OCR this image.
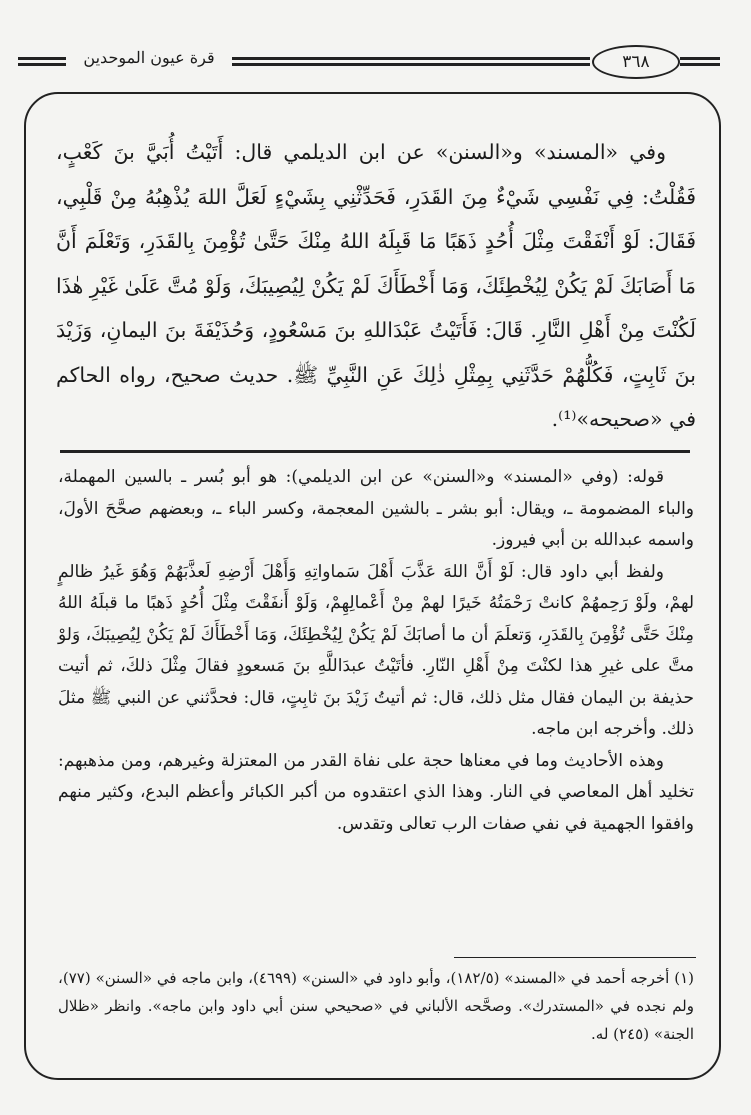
قرة عيون الموحدين	٣٦٨

وفي «المسند» و«السنن» عن ابن الديلمي قال: أَتَيْتُ أُبَيَّ بنَ كَعْبٍ، فَقُلْتُ: فِي نَفْسِي شَيْءٌ مِنَ القَدَرِ، فَحَدِّثْنِي بِشَيْءٍ لَعَلَّ اللهَ يُذْهِبُهُ مِنْ قَلْبِي، فَقَالَ: لَوْ أَنْفَقْتَ مِثْلَ أُحُدٍ ذَهَبًا مَا قَبِلَهُ اللهُ مِنْكَ حَتَّىٰ تُؤْمِنَ بِالقَدَرِ، وَتَعْلَمَ أَنَّ مَا أَصَابَكَ لَمْ يَكُنْ لِيُخْطِئَكَ، وَمَا أَخْطَأَكَ لَمْ يَكُنْ لِيُصِيبَكَ، وَلَوْ مُتَّ عَلَىٰ غَيْرِ هٰذَا لَكُنْتَ مِنْ أَهْلِ النَّارِ. قَالَ: فَأَتَيْتُ عَبْدَاللهِ بنَ مَسْعُودٍ، وَحُذَيْفَةَ بنَ اليمانِ، وَزَيْدَ بنَ ثَابِتٍ، فَكُلُّهُمْ حَدَّثَنِي بِمِثْلِ ذٰلِكَ عَنِ النَّبِيِّ ﷺ. حديث صحيح، رواه الحاكم في «صحيحه»⁽¹⁾.

قوله: (وفي «المسند» و«السنن» عن ابن الديلمي): هو أبو بُسر ـ بالسين المهملة، والباء المضمومة ـ، ويقال: أبو بشر ـ بالشين المعجمة، وكسر الباء ـ، وبعضهم صحَّحَ الأولَ، واسمه عبدالله بن أبي فيروز.

ولفظ أبي داود قال: لَوْ أَنَّ اللهَ عَذَّبَ أَهْلَ سَماواتِهِ وَأَهْلَ أَرْضِهِ لَعذَّبَهُمْ وَهُوَ غَيرُ ظالمٍ لهمْ، ولَوْ رَحِمهُمْ كانتْ رَحْمَتُهُ خَيرًا لهمْ مِنْ أَعْمالِهِمْ، وَلَوْ أَنفَقْتَ مِثْلَ أُحُدٍ ذَهبًا ما قبلَهُ اللهُ مِنْكَ حَتَّى تُؤْمِنَ بِالقَدَرِ، وَتعلَمَ أن ما أصابَكَ لَمْ يَكُنْ لِيُخْطِئَكَ، وَمَا أَخْطَأَكَ لَمْ يَكُنْ لِيُصِيبَكَ، وَلوْ متَّ على غيرِ هذا لكنْتَ مِنْ أَهْلِ النّارِ. فأتَيْتُ عبدَاللَّهِ بنَ مَسعودٍ فقالَ مِثْلَ ذلكَ، ثم أتيت حذيفة بن اليمان فقال مثل ذلك، قال: ثم أتيتُ زَيْدَ بنَ ثابِتٍ، قال: فحدَّثني عن النبي ﷺ مثلَ ذلك. وأخرجه ابن ماجه.

وهذه الأحاديث وما في معناها حجة على نفاة القدر من المعتزلة وغيرهم، ومن مذهبهم: تخليد أهل المعاصي في النار. وهذا الذي اعتقدوه من أكبر الكبائر وأعظم البدع، وكثير منهم وافقوا الجهمية في نفي صفات الرب تعالى وتقدس.

(١) أخرجه أحمد في «المسند» (١٨٢/٥)، وأبو داود في «السنن» (٤٦٩٩)، وابن ماجه في «السنن» (٧٧)، ولم نجده في «المستدرك». وصحَّحه الألباني في «صحيحي سنن أبي داود وابن ماجه». وانظر «ظلال الجنة» (٢٤٥) له.
